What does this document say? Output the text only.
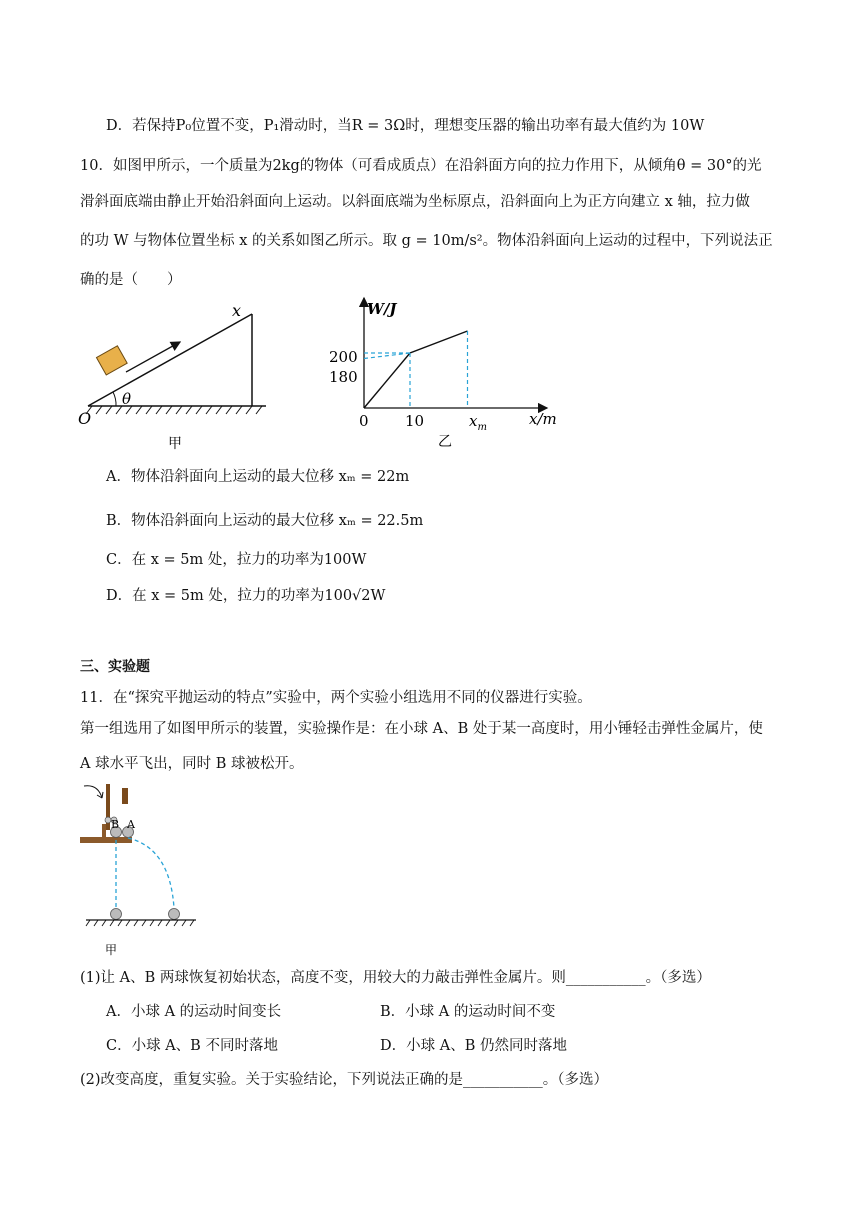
D．若保持P₀位置不变，P₁滑动时，当R = 3Ω时，理想变压器的输出功率有最大值约为 10W
10．如图甲所示，一个质量为2kg的物体（可看成质点）在沿斜面方向的拉力作用下，从倾角θ = 30°的光
滑斜面底端由静止开始沿斜面向上运动。以斜面底端为坐标原点，沿斜面向上为正方向建立 x 轴，拉力做
的功 W 与物体位置坐标 x 的关系如图乙所示。取 g = 10m/s²。物体沿斜面向上运动的过程中，下列说法正
确的是（　　）
θ
x
O
甲
W/J
x/m
200
180
0 10	$x_m$
乙
A．物体沿斜面向上运动的最大位移 xₘ = 22m
B．物体沿斜面向上运动的最大位移 xₘ = 22.5m
C．在 x = 5m 处，拉力的功率为100W
D．在 x = 5m 处，拉力的功率为100√2W
三、实验题
11．在“探究平抛运动的特点”实验中，两个实验小组选用不同的仪器进行实验。
第一组选用了如图甲所示的装置，实验操作是：在小球 A、B 处于某一高度时，用小锤轻击弹性金属片，使
A 球水平飞出，同时 B 球被松开。
B A
甲
(1)让 A、B 两球恢复初始状态，高度不变，用较大的力敲击弹性金属片。则___________。（多选）
A．小球 A 的运动时间变长	B．小球 A 的运动时间不变
C．小球 A、B 不同时落地	D．小球 A、B 仍然同时落地
(2)改变高度，重复实验。关于实验结论，下列说法正确的是___________。（多选）
